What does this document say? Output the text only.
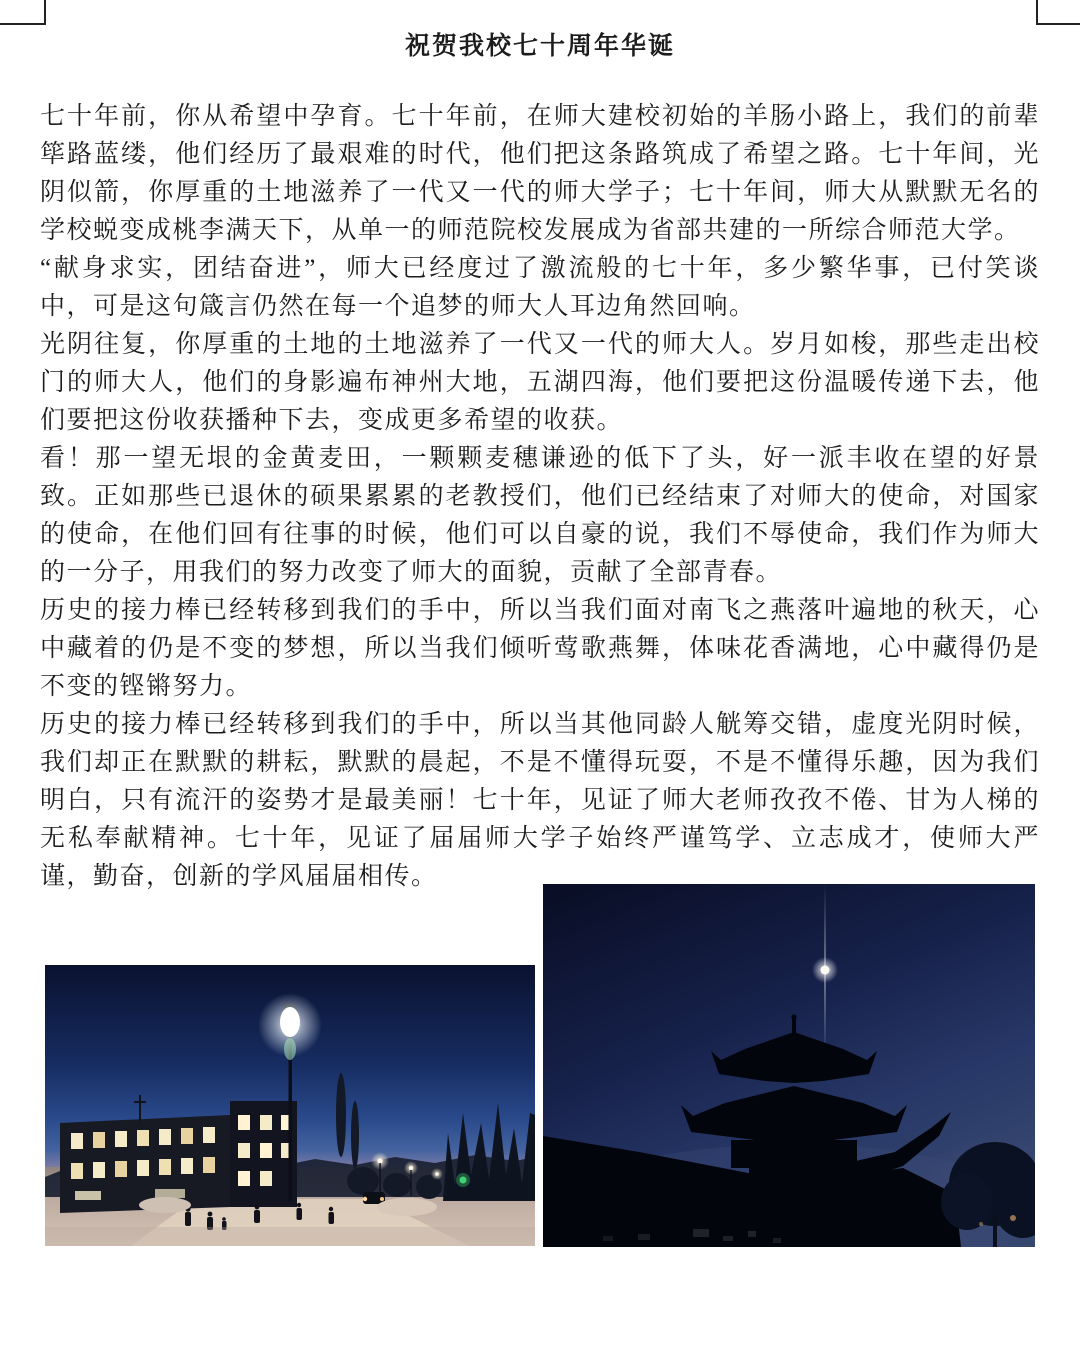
祝贺我校七十周年华诞

七十年前，你从希望中孕育。七十年前，在师大建校初始的羊肠小路上，我们的前辈筚路蓝缕，他们经历了最艰难的时代，他们把这条路筑成了希望之路。七十年间，光阴似箭，你厚重的土地滋养了一代又一代的师大学子；七十年间，师大从默默无名的学校蜕变成桃李满天下，从单一的师范院校发展成为省部共建的一所综合师范大学。

“献身求实，团结奋进”，师大已经度过了激流般的七十年，多少繁华事，已付笑谈中，可是这句箴言仍然在每一个追梦的师大人耳边角然回响。

光阴往复，你厚重的土地的土地滋养了一代又一代的师大人。岁月如梭，那些走出校门的师大人，他们的身影遍布神州大地，五湖四海，他们要把这份温暖传递下去，他们要把这份收获播种下去，变成更多希望的收获。

看！那一望无垠的金黄麦田，一颗颗麦穗谦逊的低下了头，好一派丰收在望的好景致。正如那些已退休的硕果累累的老教授们，他们已经结束了对师大的使命，对国家的使命，在他们回有往事的时候，他们可以自豪的说，我们不辱使命，我们作为师大的一分子，用我们的努力改变了师大的面貌，贡献了全部青春。

历史的接力棒已经转移到我们的手中，所以当我们面对南飞之燕落叶遍地的秋天，心中藏着的仍是不变的梦想，所以当我们倾听莺歌燕舞，体味花香满地，心中藏得仍是不变的铿锵努力。

历史的接力棒已经转移到我们的手中，所以当其他同龄人觥筹交错，虚度光阴时候，我们却正在默默的耕耘，默默的晨起，不是不懂得玩耍，不是不懂得乐趣，因为我们明白，只有流汗的姿势才是最美丽！七十年，见证了师大老师孜孜不倦、甘为人梯的无私奉献精神。七十年，见证了届届师大学子始终严谨笃学、立志成才，使师大严谨，勤奋，创新的学风届届相传。
